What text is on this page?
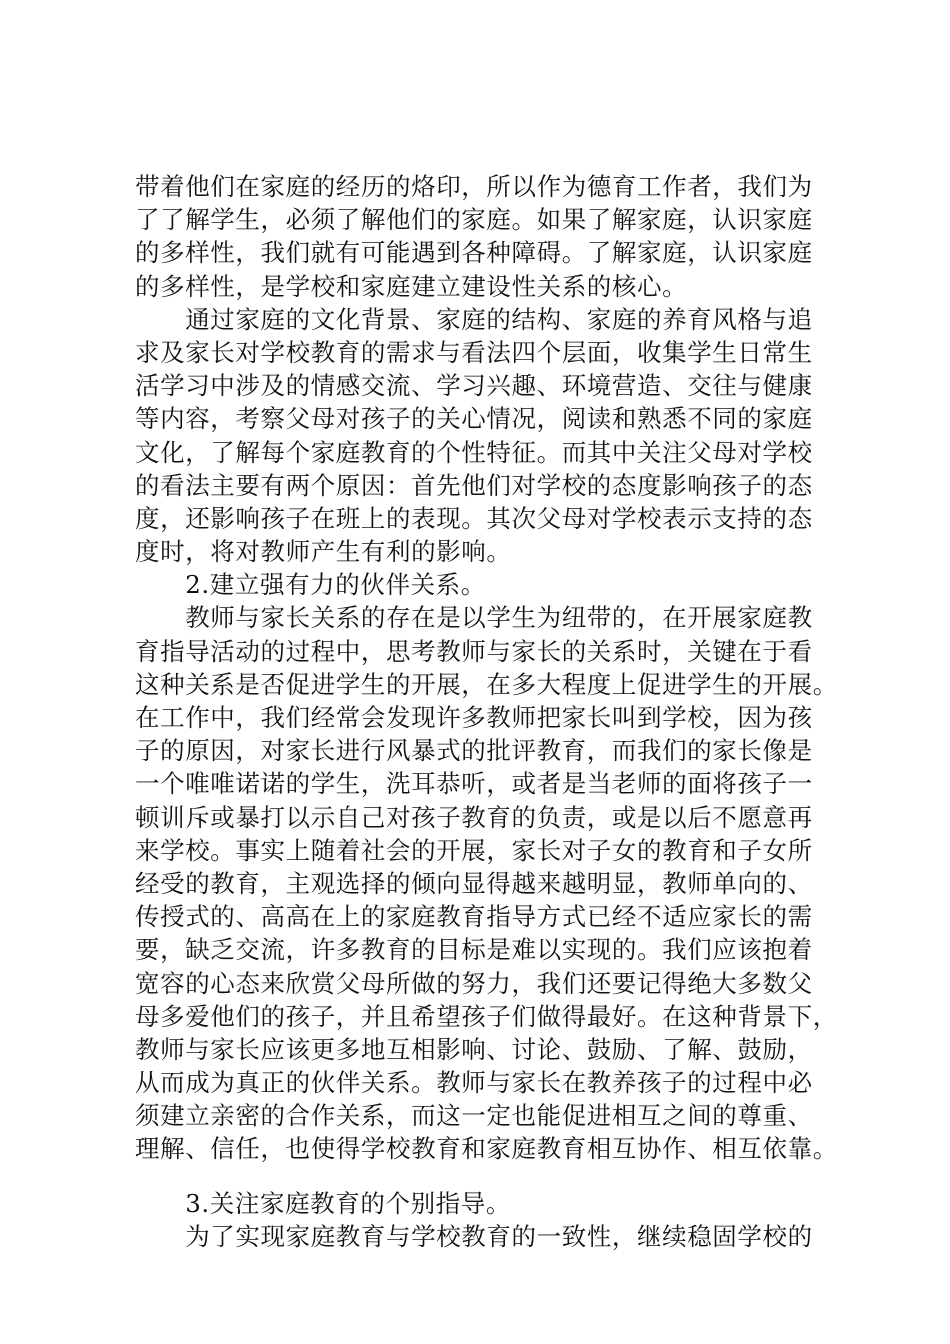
带着他们在家庭的经历的烙印，所以作为德育工作者，我们为
了了解学生，必须了解他们的家庭。如果了解家庭，认识家庭
的多样性，我们就有可能遇到各种障碍。了解家庭，认识家庭
的多样性，是学校和家庭建立建设性关系的核心。
　　通过家庭的文化背景、家庭的结构、家庭的养育风格与追
求及家长对学校教育的需求与看法四个层面，收集学生日常生
活学习中涉及的情感交流、学习兴趣、环境营造、交往与健康
等内容，考察父母对孩子的关心情况，阅读和熟悉不同的家庭
文化，了解每个家庭教育的个性特征。而其中关注父母对学校
的看法主要有两个原因：首先他们对学校的态度影响孩子的态
度，还影响孩子在班上的表现。其次父母对学校表示支持的态
度时，将对教师产生有利的影响。
　　2.建立强有力的伙伴关系。
　　教师与家长关系的存在是以学生为纽带的，在开展家庭教
育指导活动的过程中，思考教师与家长的关系时，关键在于看
这种关系是否促进学生的开展，在多大程度上促进学生的开展。
在工作中，我们经常会发现许多教师把家长叫到学校，因为孩
子的原因，对家长进行风暴式的批评教育，而我们的家长像是
一个唯唯诺诺的学生，洗耳恭听，或者是当老师的面将孩子一
顿训斥或暴打以示自己对孩子教育的负责，或是以后不愿意再
来学校。事实上随着社会的开展，家长对子女的教育和子女所
经受的教育，主观选择的倾向显得越来越明显，教师单向的、
传授式的、高高在上的家庭教育指导方式已经不适应家长的需
要，缺乏交流，许多教育的目标是难以实现的。我们应该抱着
宽容的心态来欣赏父母所做的努力，我们还要记得绝大多数父
母多爱他们的孩子，并且希望孩子们做得最好。在这种背景下，
教师与家长应该更多地互相影响、讨论、鼓励、了解、鼓励，
从而成为真正的伙伴关系。教师与家长在教养孩子的过程中必
须建立亲密的合作关系，而这一定也能促进相互之间的尊重、
理解、信任，也使得学校教育和家庭教育相互协作、相互依靠。
　　3.关注家庭教育的个别指导。
　　为了实现家庭教育与学校教育的一致性，继续稳固学校的
